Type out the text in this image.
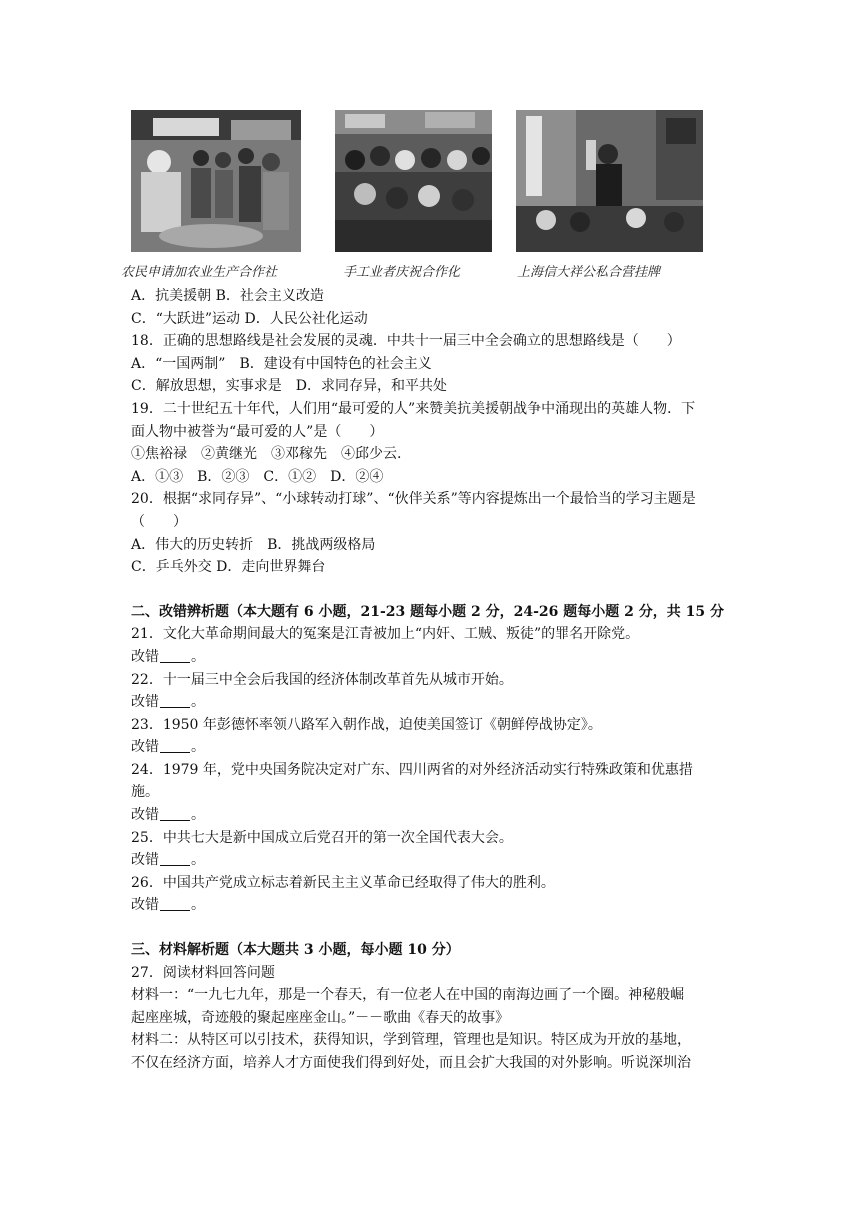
农民申请加农业生产合作社	手工业者庆祝合作化	上海信大祥公私合营挂牌
A．抗美援朝 B．社会主义改造
C．“大跃进”运动 D．人民公社化运动
18．正确的思想路线是社会发展的灵魂．中共十一届三中全会确立的思想路线是（　　）
A．“一国两制” B．建设有中国特色的社会主义
C．解放思想，实事求是 D．求同存异，和平共处
19．二十世纪五十年代，人们用“最可爱的人”来赞美抗美援朝战争中涌现出的英雄人物．下
面人物中被誉为“最可爱的人”是（　　）
①焦裕禄 ②黄继光 ③邓稼先 ④邱少云.
A．①③ B．②③ C．①② D．②④
20．根据“求同存异”、“小球转动打球”、“伙伴关系”等内容提炼出一个最恰当的学习主题是
（　　）
A．伟大的历史转折 B．挑战两级格局
C．乒乓外交 D．走向世界舞台
二、改错辨析题（本大题有 6 小题，21-23 题每小题 2 分，24-26 题每小题 2 分，共 15 分
21．文化大革命期间最大的冤案是江青被加上“内奸、工贼、叛徒”的罪名开除党。
改错 。
22．十一届三中全会后我国的经济体制改革首先从城市开始。
改错 。
23．1950 年彭德怀率领八路军入朝作战，迫使美国签订《朝鲜停战协定》。
改错 。
24．1979 年，党中央国务院决定对广东、四川两省的对外经济活动实行特殊政策和优惠措
施。
改错 。
25．中共七大是新中国成立后党召开的第一次全国代表大会。
改错 。
26．中国共产党成立标志着新民主主义革命已经取得了伟大的胜利。
改错 。
三、材料解析题（本大题共 3 小题，每小题 10 分）
27．阅读材料回答问题
材料一：“一九七九年，那是一个春天，有一位老人在中国的南海边画了一个圈。神秘般崛
起座座城，奇迹般的聚起座座金山。”－－歌曲《春天的故事》
材料二：从特区可以引技术，获得知识，学到管理，管理也是知识。特区成为开放的基地，
不仅在经济方面，培养人才方面使我们得到好处，而且会扩大我国的对外影响。听说深圳治
